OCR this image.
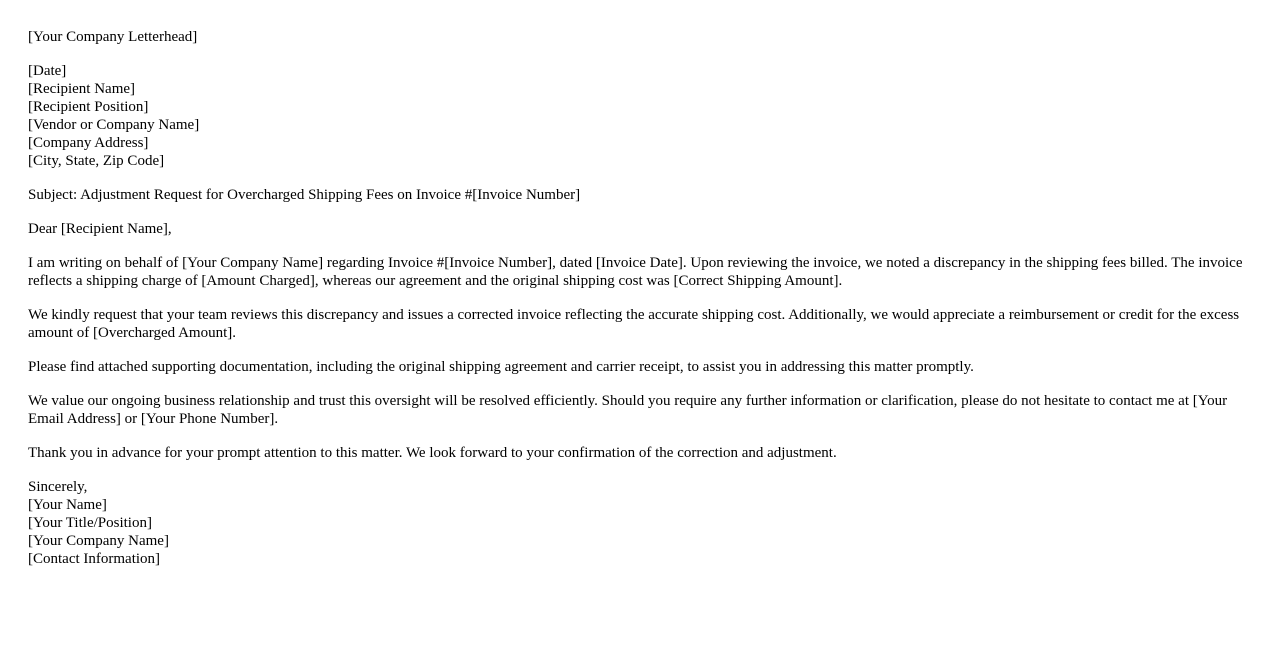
[Your Company Letterhead]
[Date]
[Recipient Name]
[Recipient Position]
[Vendor or Company Name]
[Company Address]
[City, State, Zip Code]
Subject: Adjustment Request for Overcharged Shipping Fees on Invoice #[Invoice Number]
Dear [Recipient Name],

I am writing on behalf of [Your Company Name] regarding Invoice #[Invoice Number], dated [Invoice Date]. Upon reviewing the invoice, we noted a discrepancy in the shipping fees billed. The invoice reflects a shipping charge of [Amount Charged], whereas our agreement and the original shipping cost was [Correct Shipping Amount].

We kindly request that your team reviews this discrepancy and issues a corrected invoice reflecting the accurate shipping cost. Additionally, we would appreciate a reimbursement or credit for the excess amount of [Overcharged Amount].

Please find attached supporting documentation, including the original shipping agreement and carrier receipt, to assist you in addressing this matter promptly.

We value our ongoing business relationship and trust this oversight will be resolved efficiently. Should you require any further information or clarification, please do not hesitate to contact me at [Your Email Address] or [Your Phone Number].

Thank you in advance for your prompt attention to this matter. We look forward to your confirmation of the correction and adjustment.

Sincerely,
[Your Name]
[Your Title/Position]
[Your Company Name]
[Contact Information]
